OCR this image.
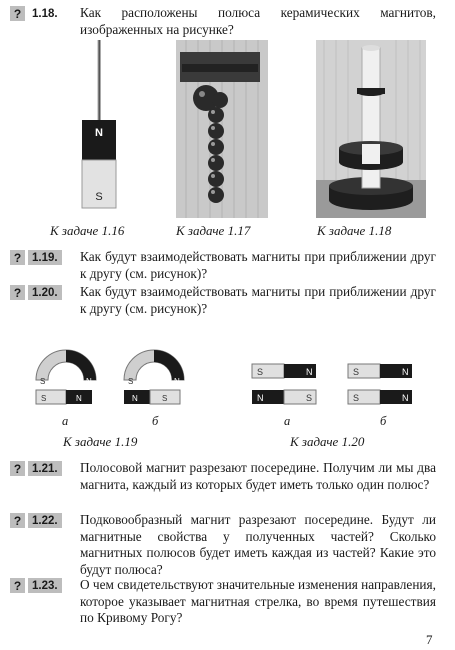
? 1.18.	Как расположены полюса керамических магнитов, изображенных на рисунке?
N
S
К задаче 1.16	К задаче 1.17	К задаче 1.18
? 1.19.	Как будут взаимодействовать магниты при приближении друг к другу (см. рисунок)?
? 1.20.	Как будут взаимодействовать магниты при приближении друг к другу (см. рисунок)?
S	N
S	N
S	N
N	S
а	б
К задаче 1.19
S	N
N	S
S	N
S	N
а	б
К задаче 1.20
? 1.21.	Полосовой магнит разрезают посередине. Получим ли мы два магнита, каждый из которых будет иметь только один полюс?
? 1.22.	Подковообразный магнит разрезают посередине. Будут ли магнитные свойства у полученных частей? Сколько магнитных полюсов будет иметь каждая из частей? Какие это будут полюса?
? 1.23.	О чем свидетельствуют значительные изменения направления, которое указывает магнитная стрелка, во время путешествия по Кривому Рогу?
7
